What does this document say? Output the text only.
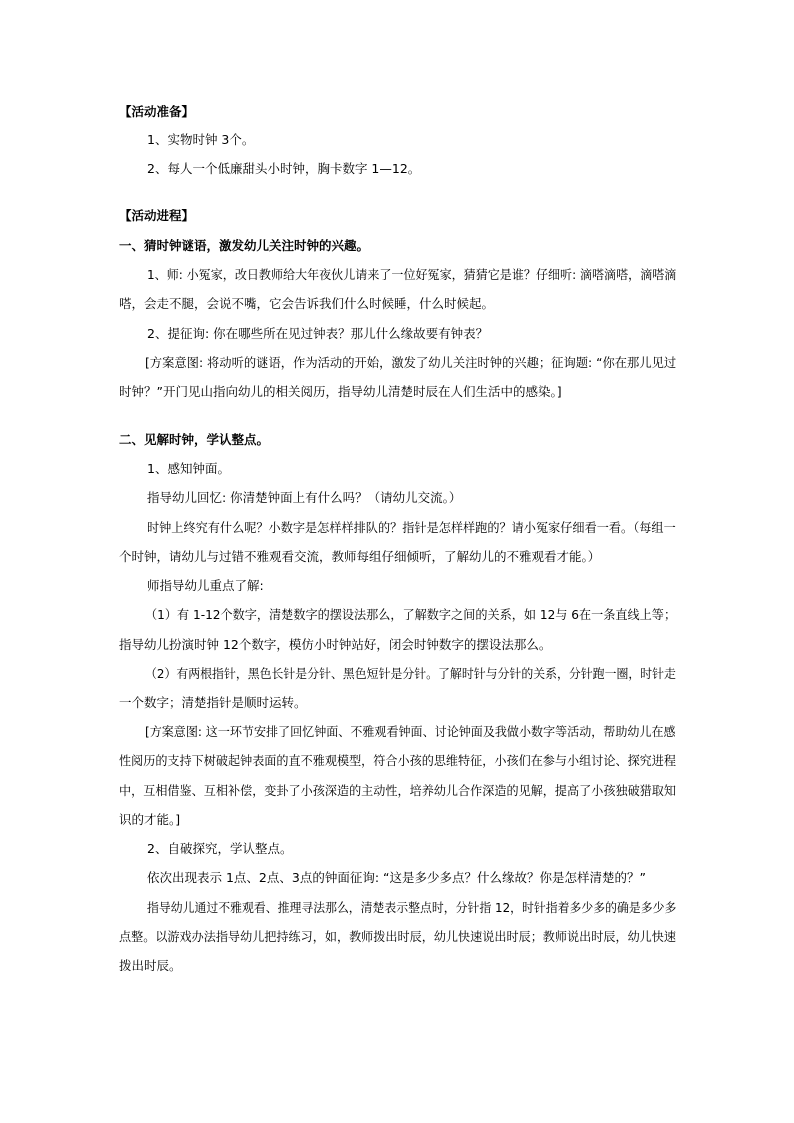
【活动准备】
1、实物时钟 3个。
2、每人一个低廉甜头小时钟，胸卡数字 1—12。
【活动进程】
一、猜时钟谜语，激发幼儿关注时钟的兴趣。
1、师: 小冤家，改日教师给大年夜伙儿请来了一位好冤家，猜猜它是谁？仔细听: 滴嗒滴嗒，滴嗒滴
嗒，会走不腿，会说不嘴，它会告诉我们什么时候睡，什么时候起。
2、提征询: 你在哪些所在见过钟表？那儿什么缘故要有钟表？
[方案意图: 将动听的谜语，作为活动的开始，激发了幼儿关注时钟的兴趣；征询题: “你在那儿见过
时钟？”开门见山指向幼儿的相关阅历，指导幼儿清楚时辰在人们生活中的感染。]
二、见解时钟，学认整点。
1、感知钟面。
指导幼儿回忆: 你清楚钟面上有什么吗？（请幼儿交流。）
时钟上终究有什么呢？小数字是怎样样排队的？指针是怎样样跑的？请小冤家仔细看一看。（每组一
个时钟，请幼儿与过错不雅观看交流，教师每组仔细倾听，了解幼儿的不雅观看才能。）
师指导幼儿重点了解:
（1）有 1-12个数字，清楚数字的摆设法那么，了解数字之间的关系，如 12与 6在一条直线上等；
指导幼儿扮演时钟 12个数字，模仿小时钟站好，闭会时钟数字的摆设法那么。
（2）有两根指针，黑色长针是分针、黑色短针是分针。了解时针与分针的关系，分针跑一圈，时针走
一个数字；清楚指针是顺时运转。
[方案意图: 这一环节安排了回忆钟面、不雅观看钟面、讨论钟面及我做小数字等活动，帮助幼儿在感
性阅历的支持下树破起钟表面的直不雅观模型，符合小孩的思维特征，小孩们在参与小组讨论、探究进程
中，互相借鉴、互相补偿，变卦了小孩深造的主动性，培养幼儿合作深造的见解，提高了小孩独破猎取知
识的才能。]
2、自破探究，学认整点。
依次出现表示 1点、2点、3点的钟面征询: “这是多少多点？什么缘故？你是怎样清楚的？”
指导幼儿通过不雅观看、推理寻法那么，清楚表示整点时，分针指 12，时针指着多少多的确是多少多
点整。以游戏办法指导幼儿把持练习，如，教师拨出时辰，幼儿快速说出时辰；教师说出时辰，幼儿快速
拨出时辰。
